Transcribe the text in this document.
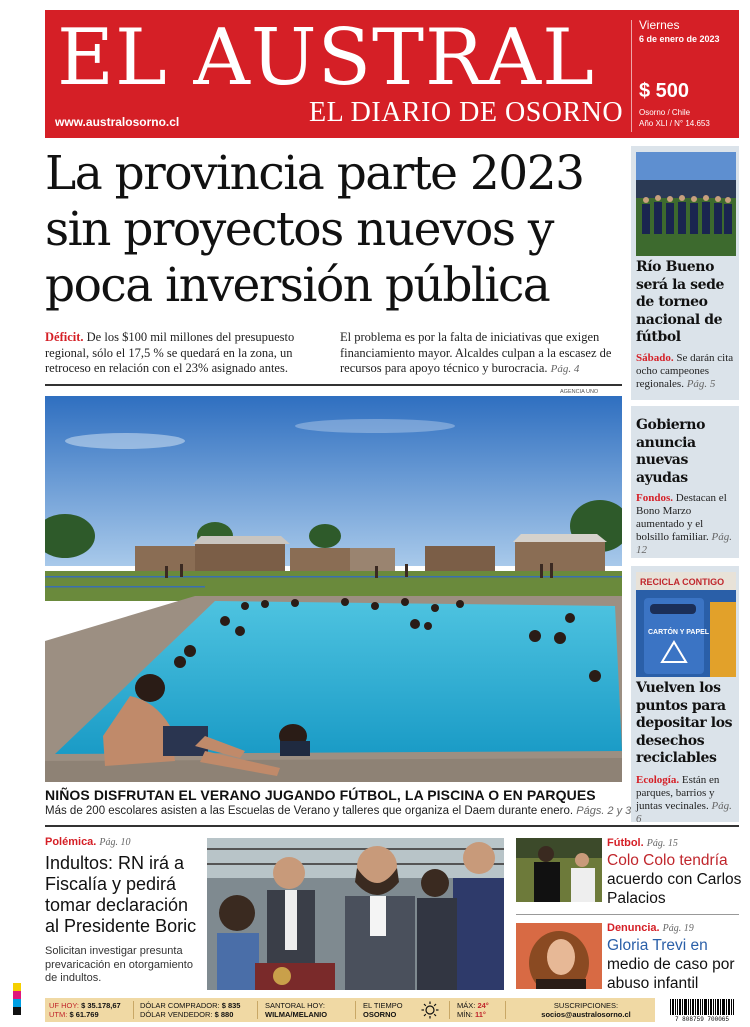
EL AUSTRAL
EL DIARIO DE OSORNO
www.australosorno.cl
Viernes
6 de enero de 2023
$ 500
Osorno / Chile
Año XLI / N° 14.653
La provincia parte 2023
sin proyectos nuevos y
poca inversión pública
Déficit. De los $100 mil millones del presupuesto regional, sólo el 17,5 % se quedará en la zona, un retroceso en relación con el 23% asignado antes.
El problema es por la falta de iniciativas que exigen financiamiento mayor. Alcaldes culpan a la escasez de recursos para apoyo técnico y burocracia. Pág. 4
AGENCIA UNO
NIÑOS DISFRUTAN EL VERANO JUGANDO FÚTBOL, LA PISCINA O EN PARQUES
Más de 200 escolares asisten a las Escuelas de Verano y talleres que organiza el Daem durante enero. Págs. 2 y 3
Río Bueno será la sede de torneo nacional de fútbol
Sábado. Se darán cita ocho campeones regionales. Pág. 5
Gobierno anuncia nuevas ayudas
Fondos. Destacan el Bono Marzo aumentado y el bolsillo familiar. Pág. 12
RECICLA CONTIGO
CARTÓN Y PAPEL
Vuelven los puntos para depositar los desechos reciclables
Ecología. Están en parques, barrios y juntas vecinales. Pág. 6
Polémica. Pág. 10
Indultos: RN irá a Fiscalía y pedirá tomar declaración al Presidente Boric
Solicitan investigar presunta prevaricación en otorgamiento de indultos.
Fútbol. Pág. 15
Colo Colo tendría acuerdo con Carlos Palacios
Denuncia. Pág. 19
Gloria Trevi en medio de caso por abuso infantil
UF HOY: $ 35.178,67
UTM: $ 61.769
DÓLAR COMPRADOR: $ 835
DÓLAR VENDEDOR: $ 880
SANTORAL HOY:
WILMA/MELANIO
EL TIEMPO
OSORNO
MÁX: 24°
MÍN: 11°
SUSCRIPCIONES:
socios@australosorno.cl
7 808759 700065
